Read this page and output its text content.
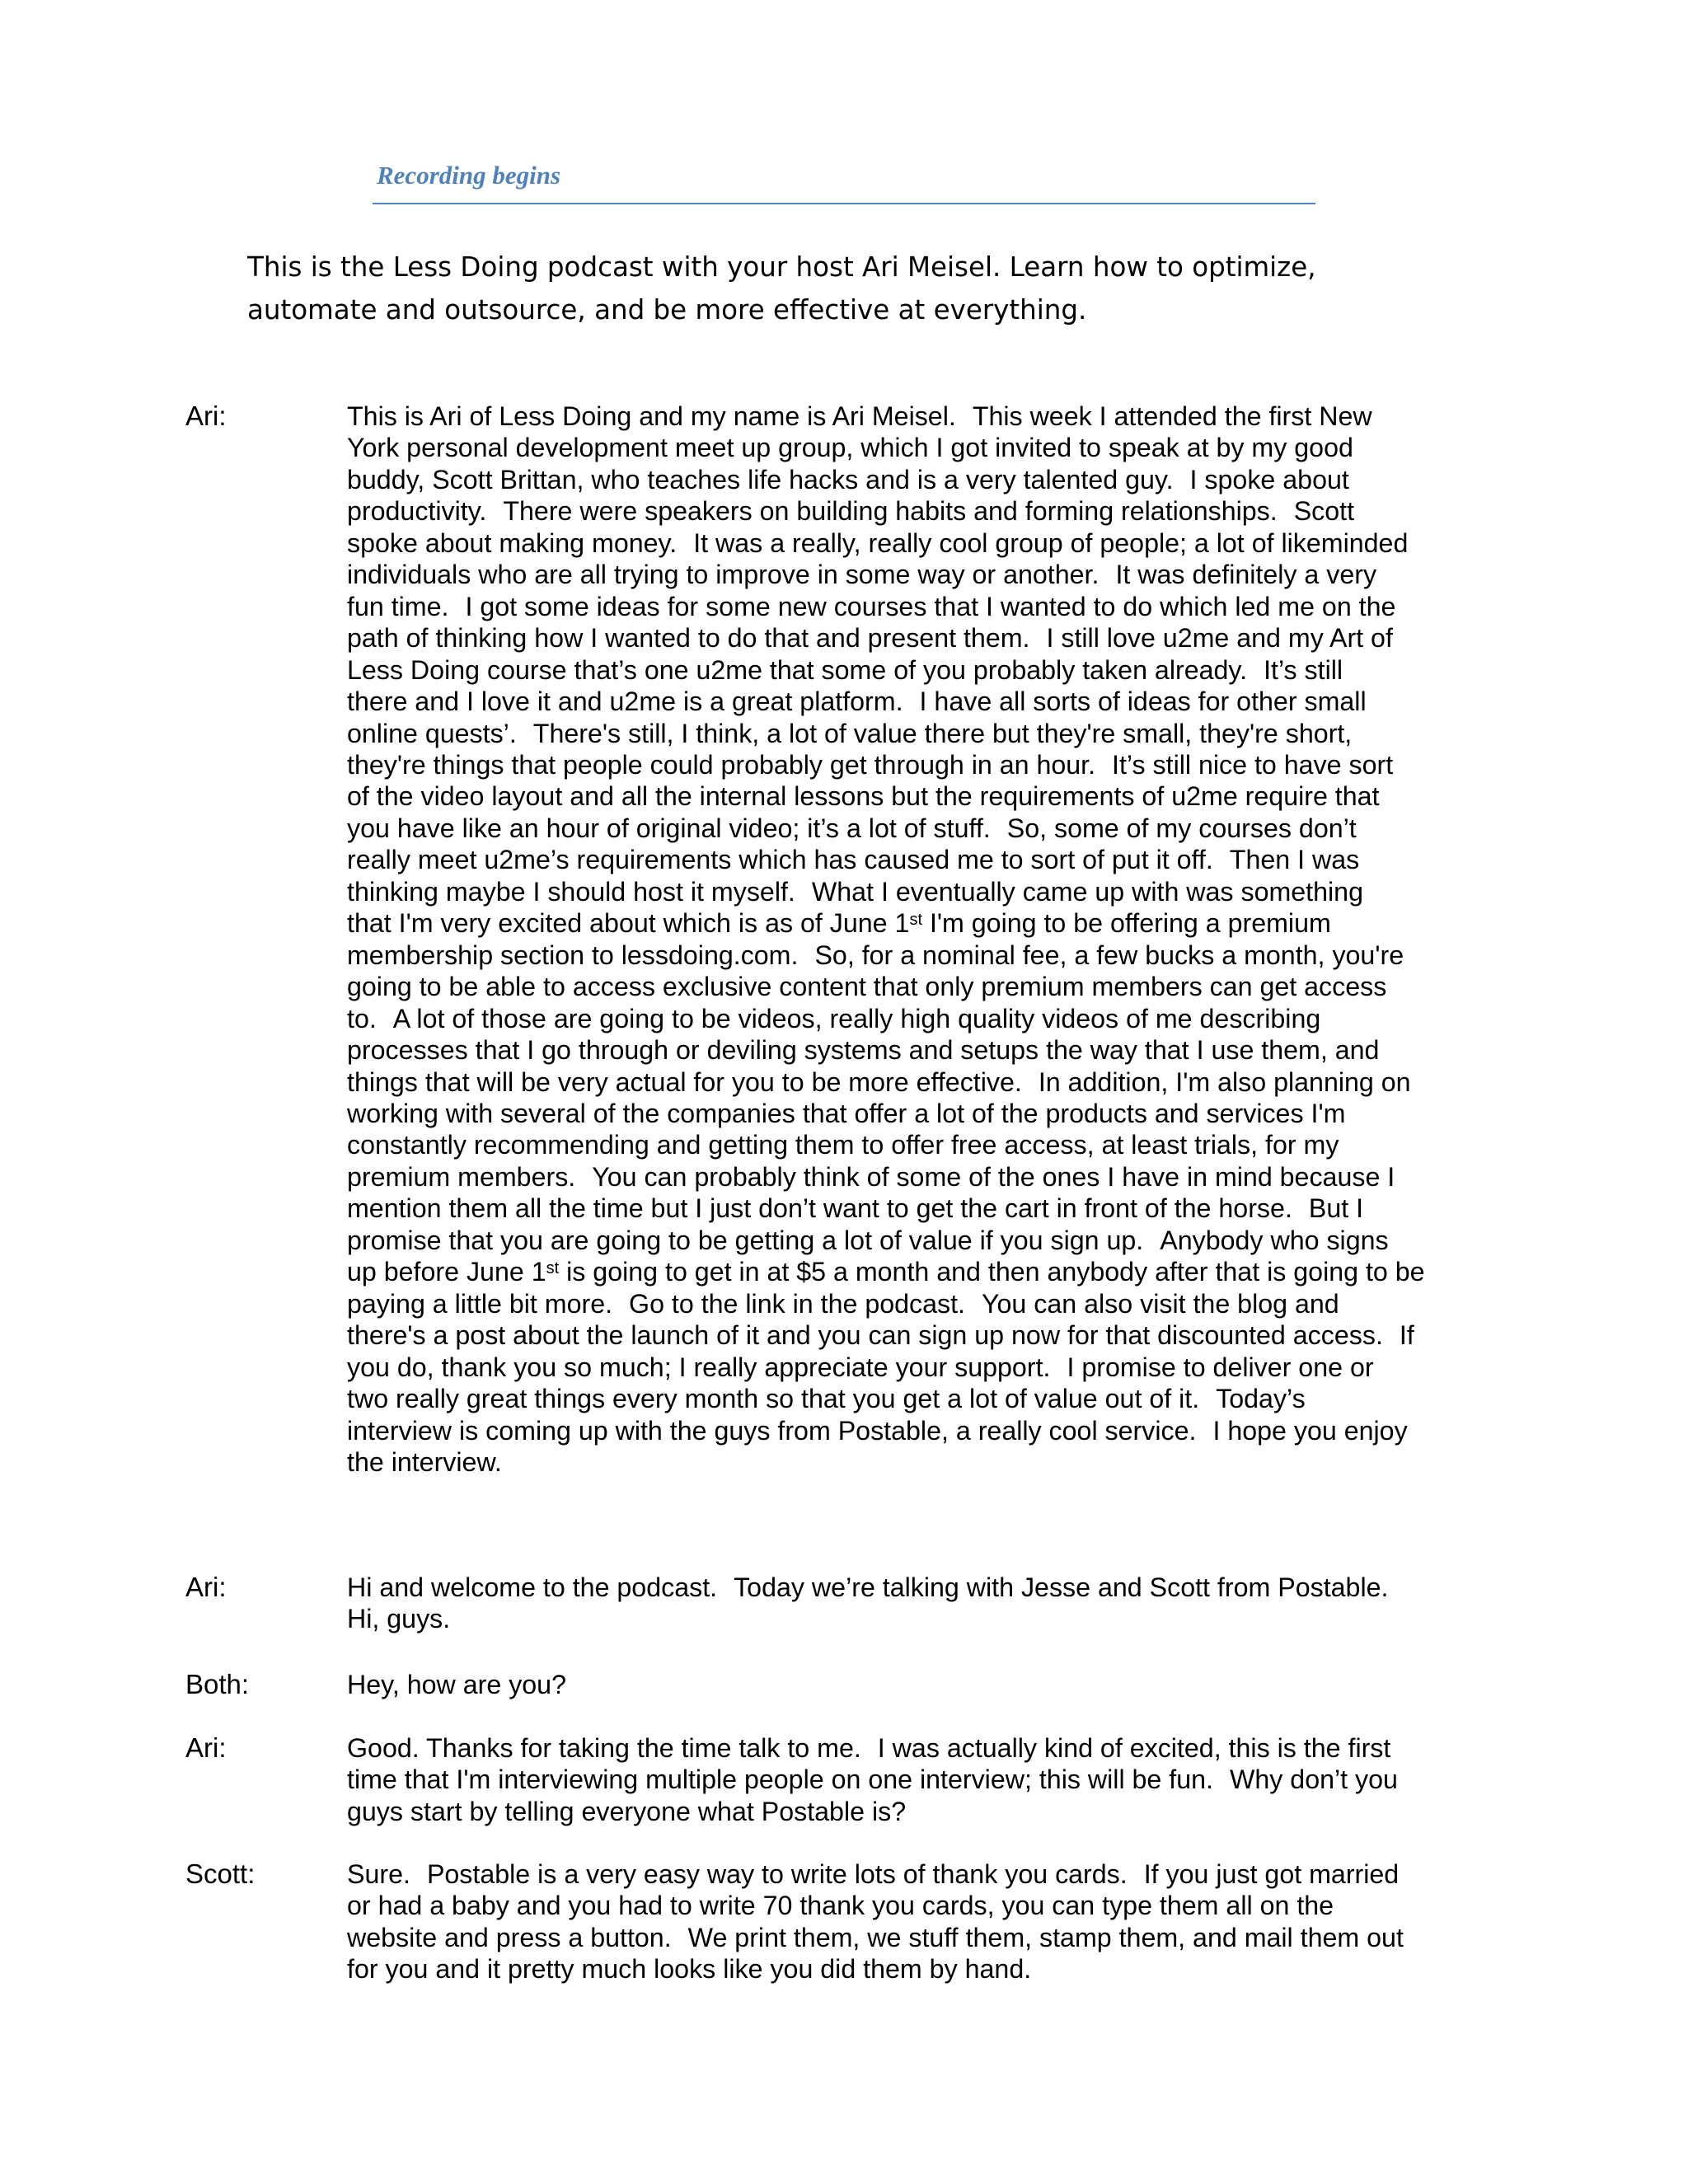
Recording begins
This is the Less Doing podcast with your host Ari Meisel. Learn how to optimize,
automate and outsource, and be more effective at everything.
Ari:	This is Ari of Less Doing and my name is Ari Meisel. This week I attended the first New
York personal development meet up group, which I got invited to speak at by my good
buddy, Scott Brittan, who teaches life hacks and is a very talented guy. I spoke about
productivity. There were speakers on building habits and forming relationships. Scott
spoke about making money. It was a really, really cool group of people; a lot of likeminded
individuals who are all trying to improve in some way or another. It was definitely a very
fun time. I got some ideas for some new courses that I wanted to do which led me on the
path of thinking how I wanted to do that and present them. I still love u2me and my Art of
Less Doing course that’s one u2me that some of you probably taken already. It’s still
there and I love it and u2me is a great platform. I have all sorts of ideas for other small
online quests’. There's still, I think, a lot of value there but they're small, they're short,
they're things that people could probably get through in an hour. It’s still nice to have sort
of the video layout and all the internal lessons but the requirements of u2me require that
you have like an hour of original video; it’s a lot of stuff. So, some of my courses don’t
really meet u2me’s requirements which has caused me to sort of put it off. Then I was
thinking maybe I should host it myself. What I eventually came up with was something
that I'm very excited about which is as of June 1st I'm going to be offering a premium
membership section to lessdoing.com. So, for a nominal fee, a few bucks a month, you're
going to be able to access exclusive content that only premium members can get access
to. A lot of those are going to be videos, really high quality videos of me describing
processes that I go through or deviling systems and setups the way that I use them, and
things that will be very actual for you to be more effective. In addition, I'm also planning on
working with several of the companies that offer a lot of the products and services I'm
constantly recommending and getting them to offer free access, at least trials, for my
premium members. You can probably think of some of the ones I have in mind because I
mention them all the time but I just don’t want to get the cart in front of the horse. But I
promise that you are going to be getting a lot of value if you sign up. Anybody who signs
up before June 1st is going to get in at $5 a month and then anybody after that is going to be
paying a little bit more. Go to the link in the podcast. You can also visit the blog and
there's a post about the launch of it and you can sign up now for that discounted access. If
you do, thank you so much; I really appreciate your support. I promise to deliver one or
two really great things every month so that you get a lot of value out of it. Today’s
interview is coming up with the guys from Postable, a really cool service. I hope you enjoy
the interview.
Ari:	Hi and welcome to the podcast. Today we’re talking with Jesse and Scott from Postable.
Hi, guys.
Both:	Hey, how are you?
Ari:	Good. Thanks for taking the time talk to me. I was actually kind of excited, this is the first
time that I'm interviewing multiple people on one interview; this will be fun. Why don’t you
guys start by telling everyone what Postable is?
Scott:	Sure. Postable is a very easy way to write lots of thank you cards. If you just got married
or had a baby and you had to write 70 thank you cards, you can type them all on the
website and press a button. We print them, we stuff them, stamp them, and mail them out
for you and it pretty much looks like you did them by hand.
